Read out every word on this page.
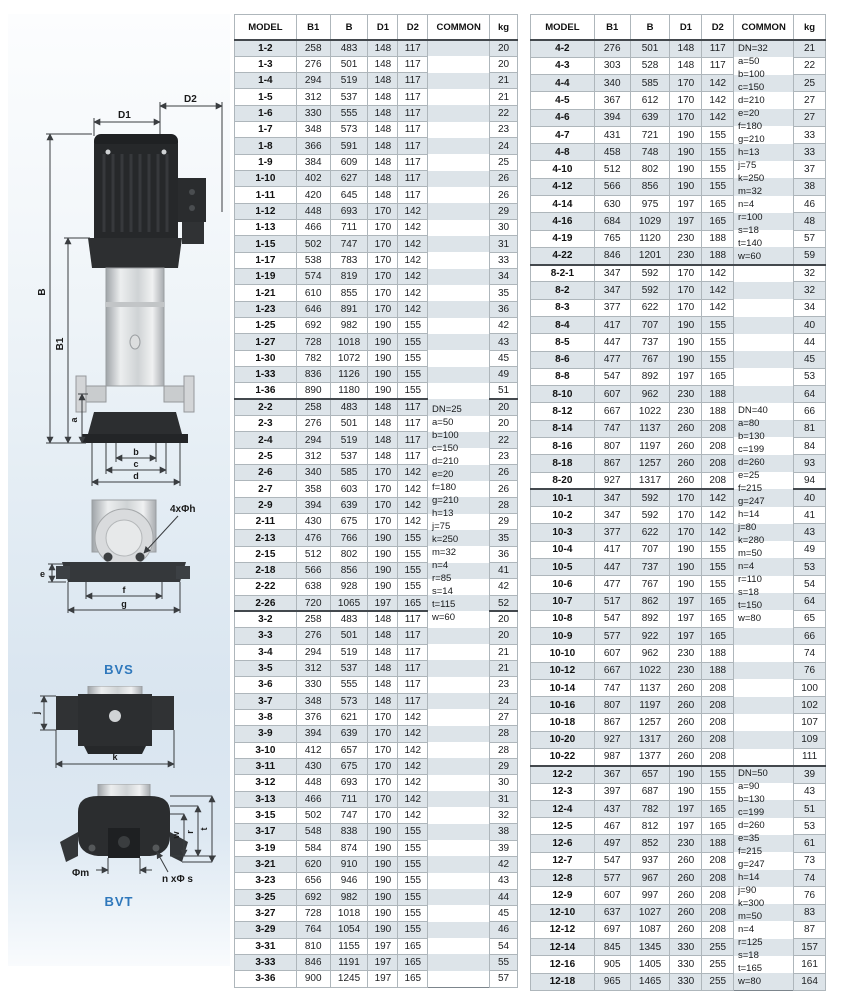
D2
D1
B
B1
a
b
c
d
e
4xΦh
f
g
BVS
j
k
Φm
n xΦ s
w r
t
BVT
MODEL	B1	B	D1	D2	COMMON	kg
1-2	258	483	148	117		20
1-3	276	501	148	117		20
1-4	294	519	148	117		21
1-5	312	537	148	117		21
1-6	330	555	148	117		22
1-7	348	573	148	117		23
1-8	366	591	148	117		24
1-9	384	609	148	117		25
1-10	402	627	148	117		26
1-11	420	645	148	117		26
1-12	448	693	170	142		29
1-13	466	711	170	142		30
1-15	502	747	170	142		31
1-17	538	783	170	142		33
1-19	574	819	170	142		34
1-21	610	855	170	142		35
1-23	646	891	170	142		36
1-25	692	982	190	155		42
1-27	728	1018	190	155		43
1-30	782	1072	190	155		45
1-33	836	1126	190	155		49
1-36	890	1180	190	155		51
2-2	258	483	148	117		20
2-3	276	501	148	117		20
2-4	294	519	148	117		22
2-5	312	537	148	117		23
2-6	340	585	170	142		26
2-7	358	603	170	142		26
2-9	394	639	170	142		28
2-11	430	675	170	142		29
2-13	476	766	190	155		35
2-15	512	802	190	155		36
2-18	566	856	190	155		41
2-22	638	928	190	155		42
2-26	720	1065	197	165		52
3-2	258	483	148	117		20
3-3	276	501	148	117		20
3-4	294	519	148	117		21
3-5	312	537	148	117		21
3-6	330	555	148	117		23
3-7	348	573	148	117		24
3-8	376	621	170	142		27
3-9	394	639	170	142		28
3-10	412	657	170	142		28
3-11	430	675	170	142		29
3-12	448	693	170	142		30
3-13	466	711	170	142		31
3-15	502	747	170	142		32
3-17	548	838	190	155		38
3-19	584	874	190	155		39
3-21	620	910	190	155		42
3-23	656	946	190	155		43
3-25	692	982	190	155		44
3-27	728	1018	190	155		45
3-29	764	1054	190	155		46
3-31	810	1155	197	165		54
3-33	846	1191	197	165		55
3-36	900	1245	197	165		57
DN=25
a=50
b=100
c=150
d=210
e=20
f=180
g=210
h=13
j=75
k=250
m=32
n=4
r=85
s=14
t=115
w=60
MODEL	B1	B	D1	D2	COMMON	kg
4-2	276	501	148	117		21
4-3	303	528	148	117		22
4-4	340	585	170	142		25
4-5	367	612	170	142		27
4-6	394	639	170	142		27
4-7	431	721	190	155		33
4-8	458	748	190	155		33
4-10	512	802	190	155		37
4-12	566	856	190	155		38
4-14	630	975	197	165		46
4-16	684	1029	197	165		48
4-19	765	1120	230	188		57
4-22	846	1201	230	188		59
8-2-1	347	592	170	142		32
8-2	347	592	170	142		32
8-3	377	622	170	142		34
8-4	417	707	190	155		40
8-5	447	737	190	155		44
8-6	477	767	190	155		45
8-8	547	892	197	165		53
8-10	607	962	230	188		64
8-12	667	1022	230	188		66
8-14	747	1137	260	208		81
8-16	807	1197	260	208		84
8-18	867	1257	260	208		93
8-20	927	1317	260	208		94
10-1	347	592	170	142		40
10-2	347	592	170	142		41
10-3	377	622	170	142		43
10-4	417	707	190	155		49
10-5	447	737	190	155		53
10-6	477	767	190	155		54
10-7	517	862	197	165		64
10-8	547	892	197	165		65
10-9	577	922	197	165		66
10-10	607	962	230	188		74
10-12	667	1022	230	188		76
10-14	747	1137	260	208		100
10-16	807	1197	260	208		102
10-18	867	1257	260	208		107
10-20	927	1317	260	208		109
10-22	987	1377	260	208		111
12-2	367	657	190	155		39
12-3	397	687	190	155		43
12-4	437	782	197	165		51
12-5	467	812	197	165		53
12-6	497	852	230	188		61
12-7	547	937	260	208		73
12-8	577	967	260	208		74
12-9	607	997	260	208		76
12-10	637	1027	260	208		83
12-12	697	1087	260	208		87
12-14	845	1345	330	255		157
12-16	905	1405	330	255		161
12-18	965	1465	330	255		164
DN=32
a=50
b=100
c=150
d=210
e=20
f=180
g=210
h=13
j=75
k=250
m=32
n=4
r=100
s=18
t=140
w=60
DN=40
a=80
b=130
c=199
d=260
e=25
f=215
g=247
h=14
j=80
k=280
m=50
n=4
r=110
s=18
t=150
w=80
DN=50
a=90
b=130
c=199
d=260
e=35
f=215
g=247
h=14
j=90
k=300
m=50
n=4
r=125
s=18
t=165
w=80
